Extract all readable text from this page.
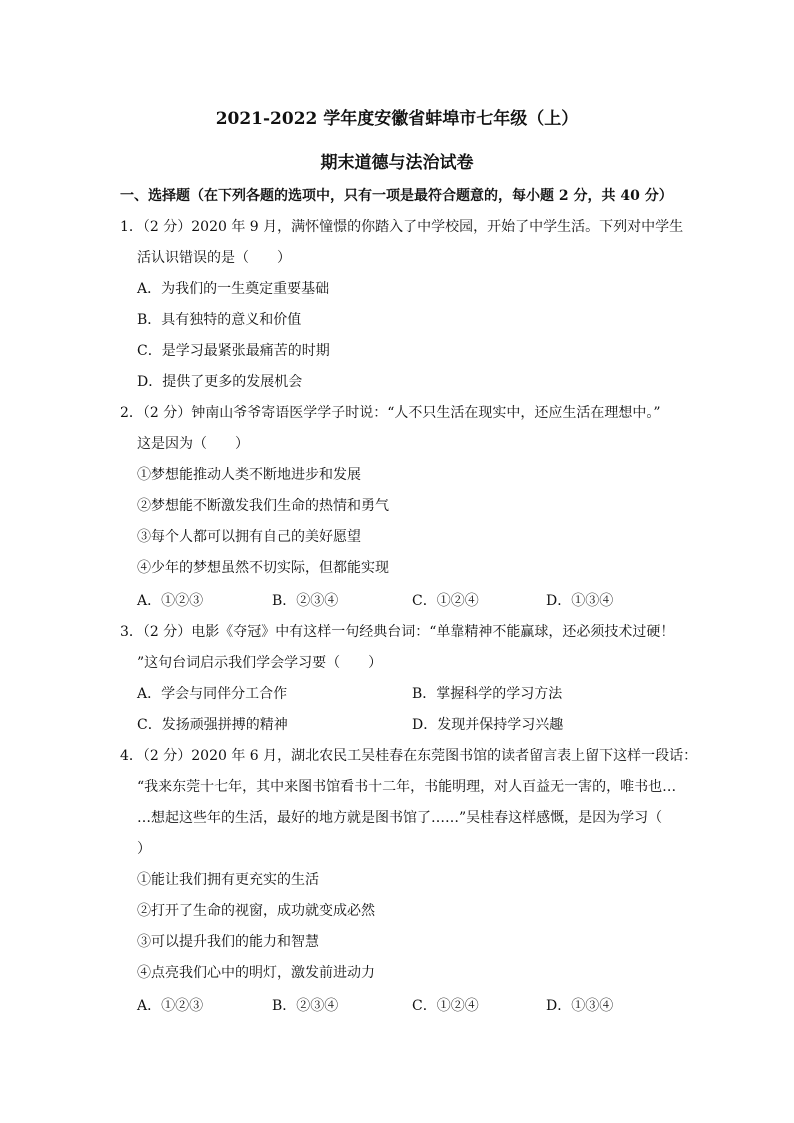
2021-2022 学年度安徽省蚌埠市七年级（上）
期末道德与法治试卷
一、选择题（在下列各题的选项中，只有一项是最符合题意的，每小题 2 分，共 40 分）
1．（2 分）2020 年 9 月，满怀憧憬的你踏入了中学校园，开始了中学生活。下列对中学生
活认识错误的是（　　）
A．为我们的一生奠定重要基础
B．具有独特的意义和价值
C．是学习最紧张最痛苦的时期
D．提供了更多的发展机会
2．（2 分）钟南山爷爷寄语医学学子时说：“人不只生活在现实中，还应生活在理想中。”
这是因为（　　）
①梦想能推动人类不断地进步和发展
②梦想能不断激发我们生命的热情和勇气
③每个人都可以拥有自己的美好愿望
④少年的梦想虽然不切实际，但都能实现
A．①②③	B．②③④	C．①②④	D．①③④
3．（2 分）电影《夺冠》中有这样一句经典台词：“单靠精神不能赢球，还必须技术过硬！
”这句台词启示我们学会学习要（　　）
A．学会与同伴分工合作	B．掌握科学的学习方法
C．发扬顽强拼搏的精神	D．发现并保持学习兴趣
4．（2 分）2020 年 6 月，湖北农民工吴桂春在东莞图书馆的读者留言表上留下这样一段话：
“我来东莞十七年，其中来图书馆看书十二年，书能明理，对人百益无一害的，唯书也…
…想起这些年的生活，最好的地方就是图书馆了……”吴桂春这样感慨，是因为学习（
）
①能让我们拥有更充实的生活
②打开了生命的视窗，成功就变成必然
③可以提升我们的能力和智慧
④点亮我们心中的明灯，激发前进动力
A．①②③	B．②③④	C．①②④	D．①③④
